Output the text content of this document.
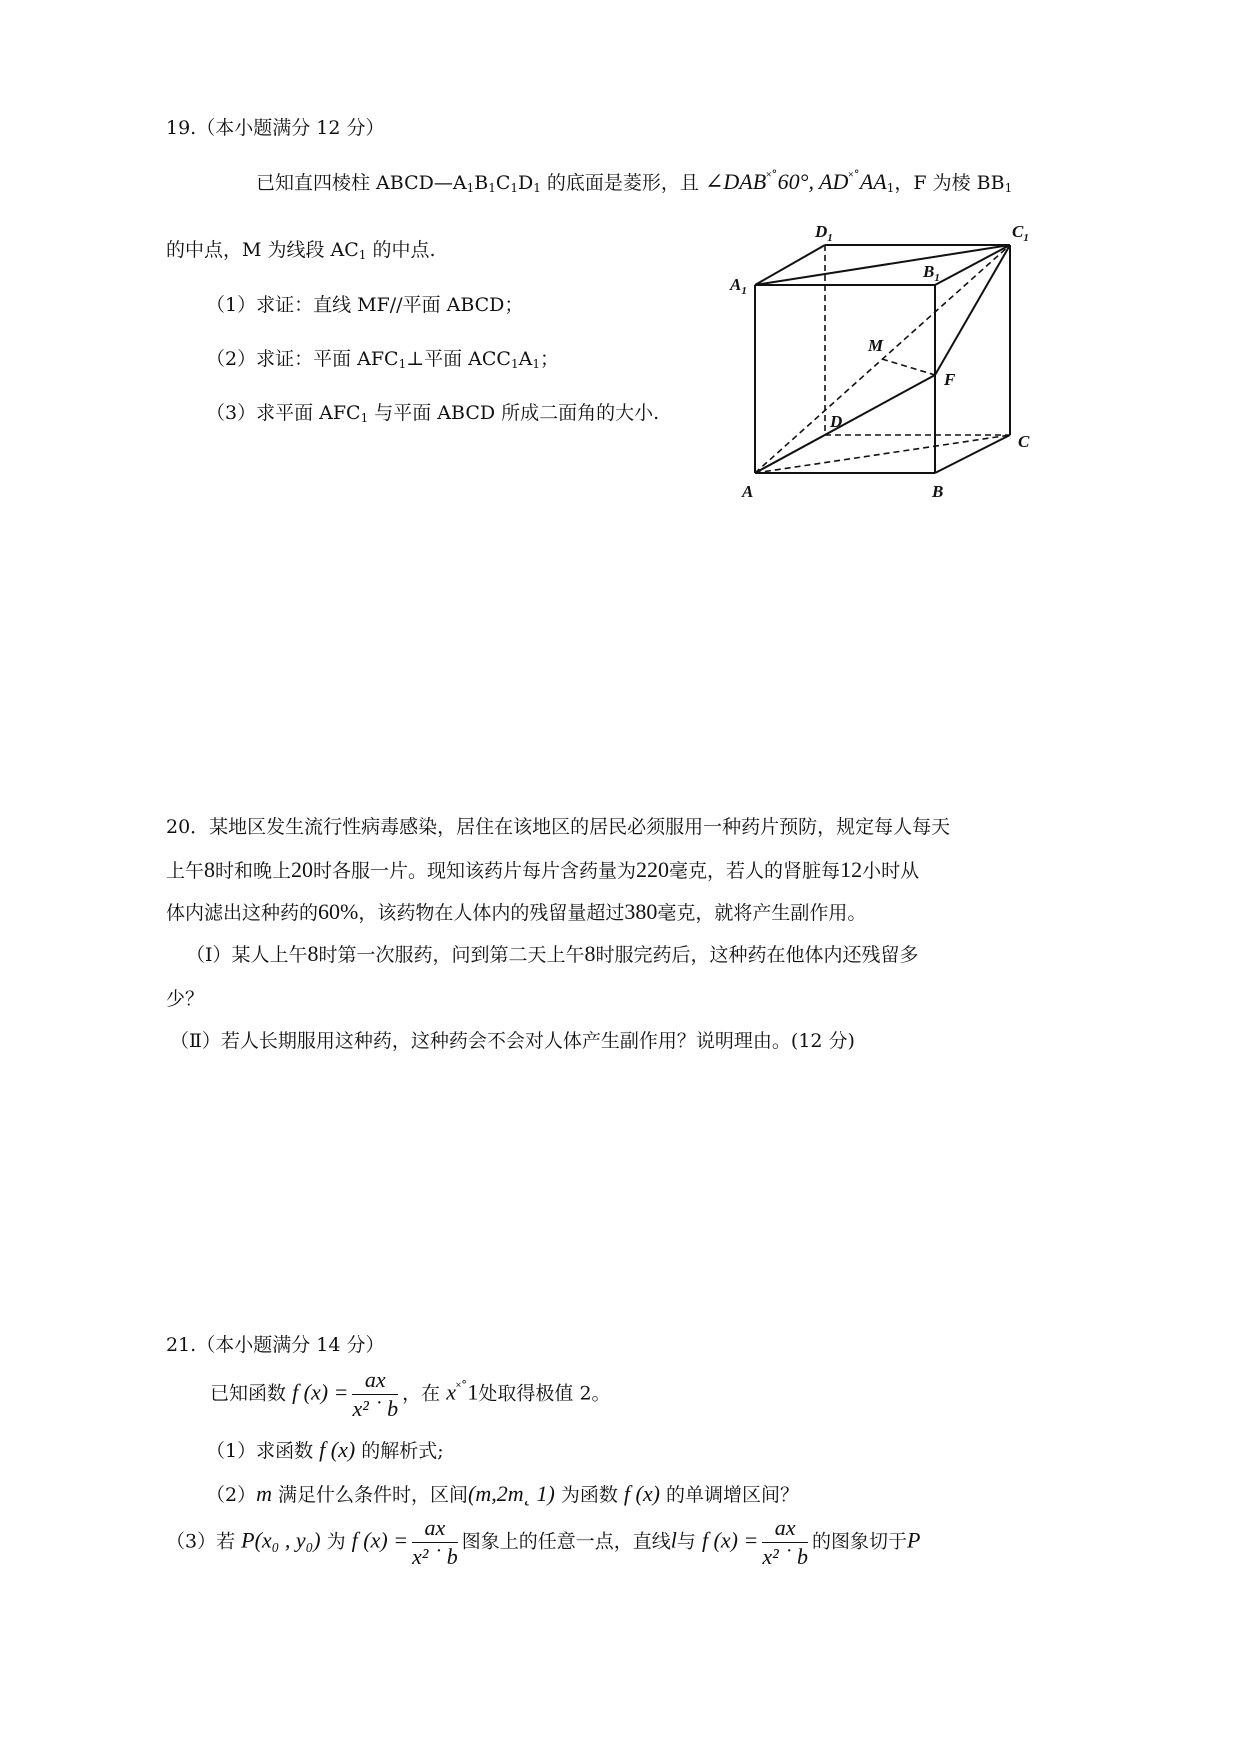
19.（本小题满分 12 分）
已知直四棱柱 $ABCD—A_1B_1C_1D_1$ 的底面是菱形，且 ∠DAB˟˚60°, $AD^{˟˚}AA_1$，F 为棱 $BB_1$
的中点，M 为线段 $AC_1$ 的中点.
（1）求证：直线 MF//平面 ABCD；
（2）求证：平面 $AFC_1\perp$平面 $ACC_1A_1$；
（3）求平面 $AFC_1$ 与平面 ABCD 所成二面角的大小.
$D_1$	$C_1$
$A_1$
$B_1$
M
F
D
C
A	B
20．某地区发生流行性病毒感染，居住在该地区的居民必须服用一种药片预防，规定每人每天
上午8时和晚上20时各服一片。现知该药片每片含药量为220毫克，若人的肾脏每12小时从
体内滤出这种药的60%，该药物在人体内的残留量超过380毫克，就将产生副作用。
（Ⅰ）某人上午8时第一次服药，问到第二天上午8时服完药后，这种药在他体内还残留多
少？
（Ⅱ）若人长期服用这种药，这种药会不会对人体产生副作用？说明理由。(12 分)
21.（本小题满分 14 分）
已知函数 f $(x) = \frac{ax}{\text{x² ˙ b}}$ ，在 x˟˚1处取得极值 2。
（1）求函数 f (x) 的解析式;
（2）m 满足什么条件时，区间(m,2m˛ 1) 为函数 f (x) 的单调增区间？
（3）若 P(x₀ , y₀) 为 f $(x) = \frac{ax}{\text{x² ˙ b}}$ 图象上的任意一点，直线l与 f $(x) = \frac{ax}{\text{x² ˙ b}}$ 的图象切于P
